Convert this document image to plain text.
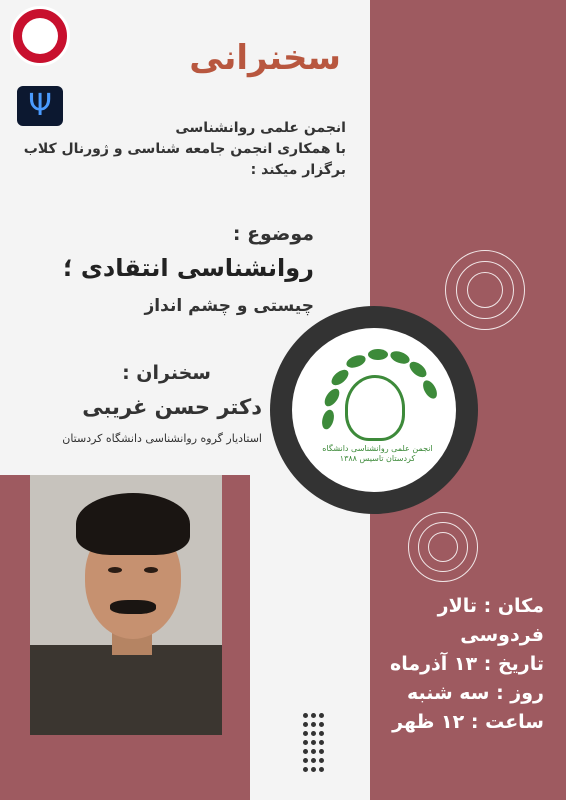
Ψ
سخنرانی
انجمن علمی روانشناسی
با همکاری انجمن جامعه شناسی و ژورنال کلاب
برگزار میکند :
موضوع :
روانشناسی انتقادی ؛
چیستی و چشم انداز
سخنران :
دکتر حسن غریبی
استادیار گروه روانشناسی دانشگاه کردستان
انجمن علمی روانشناسی دانشگاه کردستان تاسیس ۱۳۸۸
مکان : تالار
فردوسی
تاریخ : ۱۳ آذرماه
روز : سه شنبه
ساعت : ۱۲ ظهر
